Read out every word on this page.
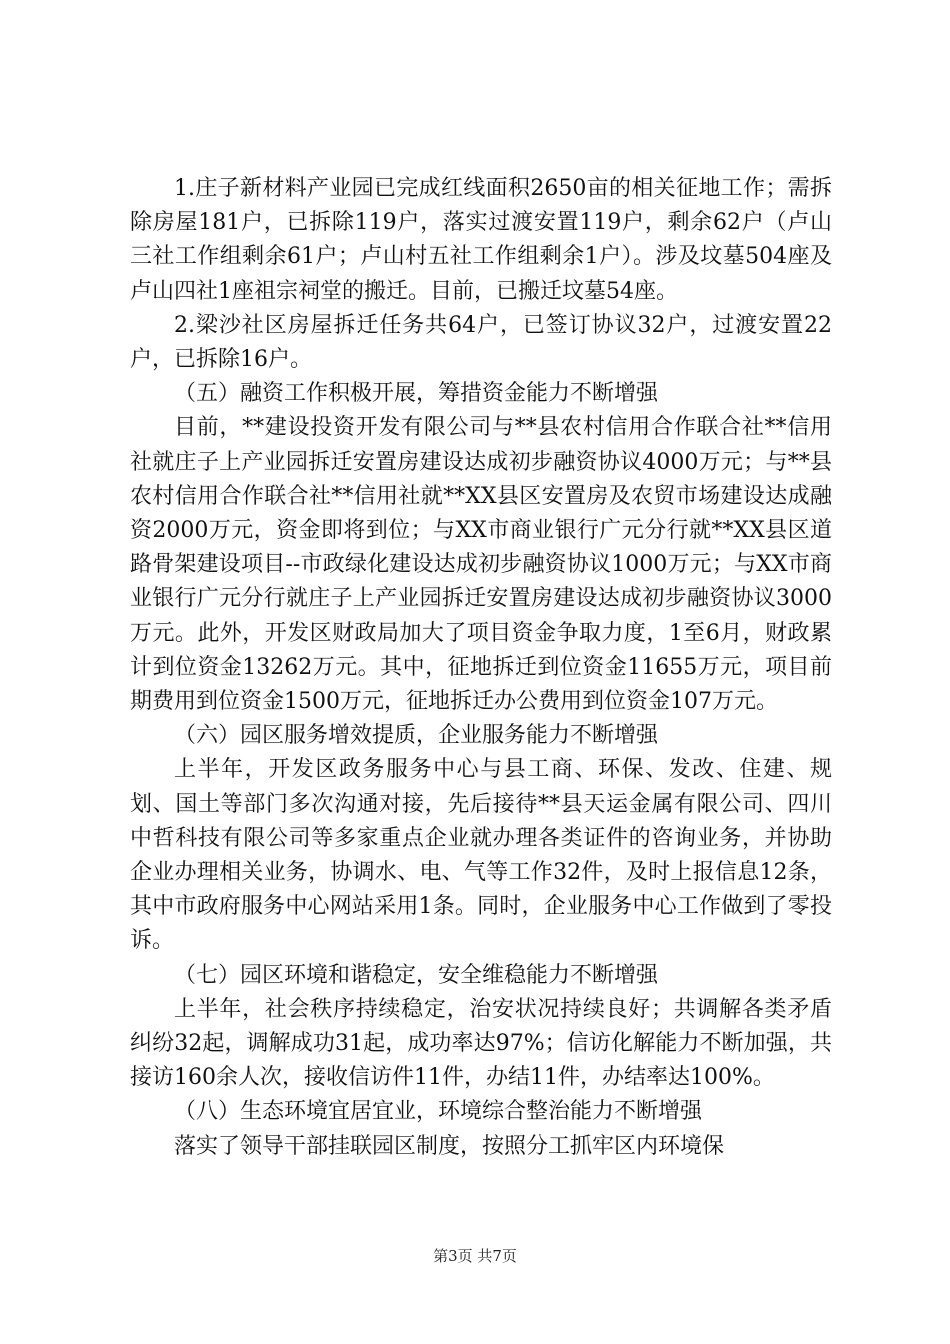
1.庄子新材料产业园已完成红线面积2650亩的相关征地工作；需拆除房屋181户，已拆除119户，落实过渡安置119户，剩余62户（卢山三社工作组剩余61户；卢山村五社工作组剩余1户）。涉及坟墓504座及卢山四社1座祖宗祠堂的搬迁。目前，已搬迁坟墓54座。

2.梁沙社区房屋拆迁任务共64户，已签订协议32户，过渡安置22户，已拆除16户。

（五）融资工作积极开展，筹措资金能力不断增强

目前，**建设投资开发有限公司与**县农村信用合作联合社**信用社就庄子上产业园拆迁安置房建设达成初步融资协议4000万元；与**县农村信用合作联合社**信用社就**XX县区安置房及农贸市场建设达成融资2000万元，资金即将到位；与XX市商业银行广元分行就**XX县区道路骨架建设项目--市政绿化建设达成初步融资协议1000万元；与XX市商业银行广元分行就庄子上产业园拆迁安置房建设达成初步融资协议3000万元。此外，开发区财政局加大了项目资金争取力度，1至6月，财政累计到位资金13262万元。其中，征地拆迁到位资金11655万元，项目前期费用到位资金1500万元，征地拆迁办公费用到位资金107万元。

（六）园区服务增效提质，企业服务能力不断增强

上半年，开发区政务服务中心与县工商、环保、发改、住建、规划、国土等部门多次沟通对接，先后接待**县天运金属有限公司、四川中哲科技有限公司等多家重点企业就办理各类证件的咨询业务，并协助企业办理相关业务，协调水、电、气等工作32件，及时上报信息12条，其中市政府服务中心网站采用1条。同时，企业服务中心工作做到了零投诉。

（七）园区环境和谐稳定，安全维稳能力不断增强

上半年，社会秩序持续稳定，治安状况持续良好；共调解各类矛盾纠纷32起，调解成功31起，成功率达97%；信访化解能力不断加强，共接访160余人次，接收信访件11件，办结11件，办结率达100%。

（八）生态环境宜居宜业，环境综合整治能力不断增强

落实了领导干部挂联园区制度，按照分工抓牢区内环境保

第3页 共7页
